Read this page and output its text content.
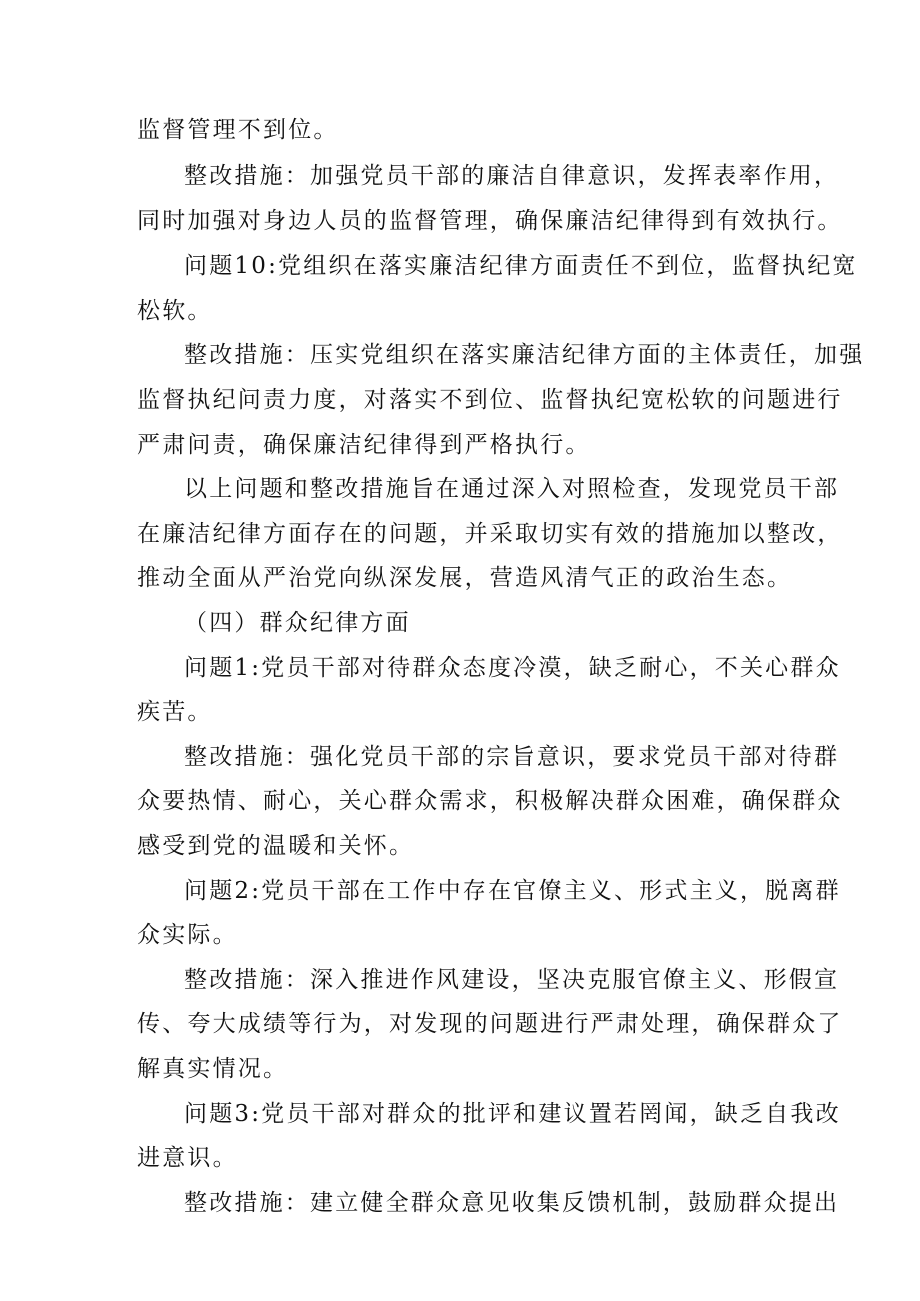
监督管理不到位。
整改措施：加强党员干部的廉洁自律意识，发挥表率作用，
同时加强对身边人员的监督管理，确保廉洁纪律得到有效执行。
问题10:党组织在落实廉洁纪律方面责任不到位，监督执纪宽
松软。
整改措施：压实党组织在落实廉洁纪律方面的主体责任，加强
监督执纪问责力度，对落实不到位、监督执纪宽松软的问题进行
严肃问责，确保廉洁纪律得到严格执行。
以上问题和整改措施旨在通过深入对照检查，发现党员干部
在廉洁纪律方面存在的问题，并采取切实有效的措施加以整改，
推动全面从严治党向纵深发展，营造风清气正的政治生态。
（四）群众纪律方面
问题1:党员干部对待群众态度冷漠，缺乏耐心，不关心群众
疾苦。
整改措施：强化党员干部的宗旨意识，要求党员干部对待群
众要热情、耐心，关心群众需求，积极解决群众困难，确保群众
感受到党的温暖和关怀。
问题2:党员干部在工作中存在官僚主义、形式主义，脱离群
众实际。
整改措施：深入推进作风建设，坚决克服官僚主义、形假宣
传、夸大成绩等行为，对发现的问题进行严肃处理，确保群众了
解真实情况。
问题3:党员干部对群众的批评和建议置若罔闻，缺乏自我改
进意识。
整改措施：建立健全群众意见收集反馈机制，鼓励群众提出
